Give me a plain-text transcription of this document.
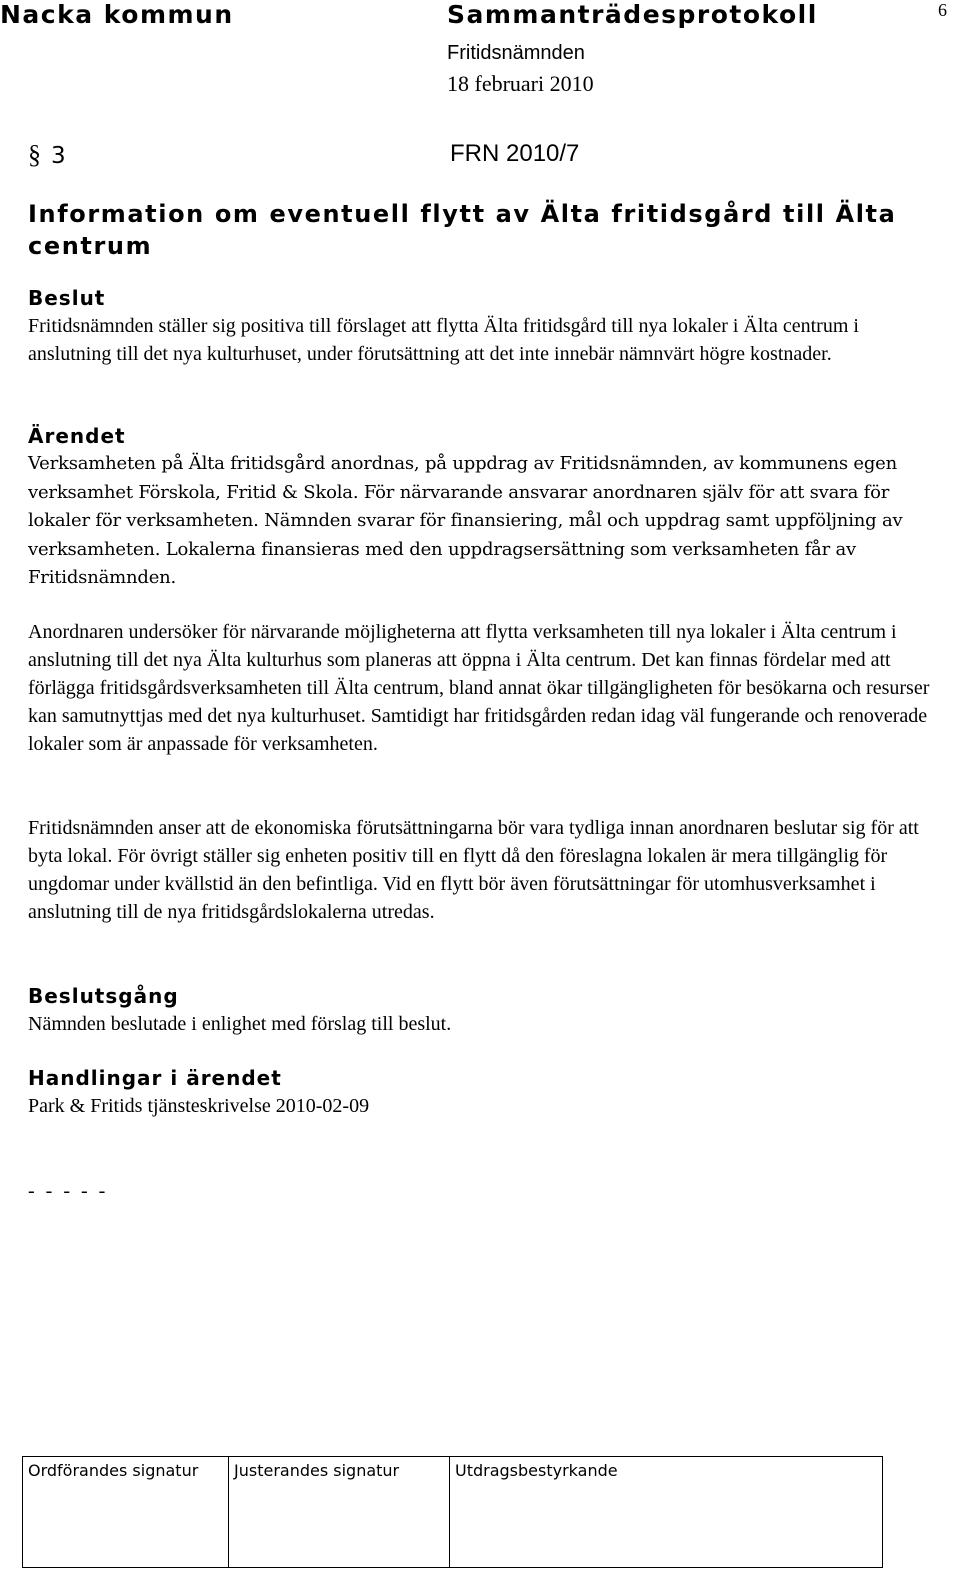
Nacka kommun	Sammanträdesprotokoll	6
Fritidsnämnden
18 februari 2010
§ 3	FRN 2010/7
Information om eventuell flytt av Älta fritidsgård till Älta centrum
Beslut

Fritidsnämnden ställer sig positiva till förslaget att flytta Älta fritidsgård till nya lokaler i Älta centrum i anslutning till det nya kulturhuset, under förutsättning att det inte innebär nämnvärt högre kostnader.

Ärendet

Verksamheten på Älta fritidsgård anordnas, på uppdrag av Fritidsnämnden, av kommunens egen verksamhet Förskola, Fritid & Skola. För närvarande ansvarar anordnaren själv för att svara för lokaler för verksamheten. Nämnden svarar för finansiering, mål och uppdrag samt uppföljning av verksamheten. Lokalerna finansieras med den uppdragsersättning som verksamheten får av Fritidsnämnden.

Anordnaren undersöker för närvarande möjligheterna att flytta verksamheten till nya lokaler i Älta centrum i anslutning till det nya Älta kulturhus som planeras att öppna i Älta centrum. Det kan finnas fördelar med att förlägga fritidsgårdsverksamheten till Älta centrum, bland annat ökar tillgängligheten för besökarna och resurser kan samutnyttjas med det nya kulturhuset. Samtidigt har fritidsgården redan idag väl fungerande och renoverade lokaler som är anpassade för verksamheten.

Fritidsnämnden anser att de ekonomiska förutsättningarna bör vara tydliga innan anordnaren beslutar sig för att byta lokal. För övrigt ställer sig enheten positiv till en flytt då den föreslagna lokalen är mera tillgänglig för ungdomar under kvällstid än den befintliga. Vid en flytt bör även förutsättningar för utomhusverksamhet i anslutning till de nya fritidsgårdslokalerna utredas.

Beslutsgång

Nämnden beslutade i enlighet med förslag till beslut.

Handlingar i ärendet

Park & Fritids tjänsteskrivelse 2010-02-09

- - - - -
Ordförandes signatur	Justerandes signatur	Utdragsbestyrkande
